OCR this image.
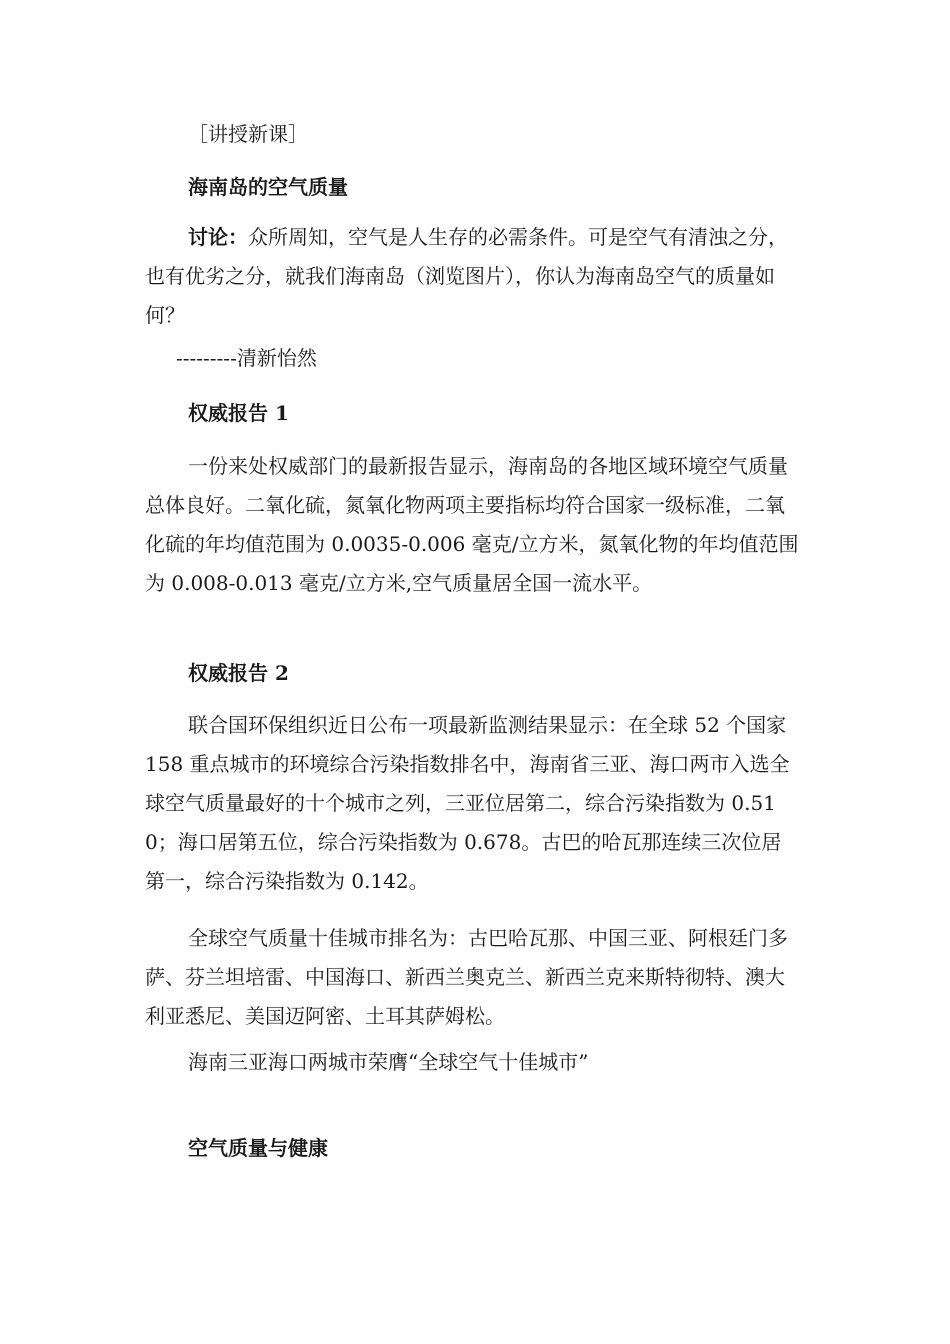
［讲授新课］
海南岛的空气质量
讨论：众所周知，空气是人生存的必需条件。可是空气有清浊之分，也有优劣之分，就我们海南岛（浏览图片），你认为海南岛空气的质量如何？
---------清新怡然
权威报告 1
一份来处权威部门的最新报告显示，海南岛的各地区域环境空气质量总体良好。二氧化硫，氮氧化物两项主要指标均符合国家一级标准，二氧化硫的年均值范围为 0.0035-0.006 毫克/立方米，氮氧化物的年均值范围为 0.008-0.013 毫克/立方米,空气质量居全国一流水平。
权威报告 2
联合国环保组织近日公布一项最新监测结果显示：在全球 52 个国家 158 重点城市的环境综合污染指数排名中，海南省三亚、海口两市入选全球空气质量最好的十个城市之列，三亚位居第二，综合污染指数为 0.510；海口居第五位，综合污染指数为 0.678。古巴的哈瓦那连续三次位居第一，综合污染指数为 0.142。
全球空气质量十佳城市排名为：古巴哈瓦那、中国三亚、阿根廷门多萨、芬兰坦培雷、中国海口、新西兰奥克兰、新西兰克来斯特彻特、澳大利亚悉尼、美国迈阿密、土耳其萨姆松。
海南三亚海口两城市荣膺“全球空气十佳城市”
空气质量与健康
